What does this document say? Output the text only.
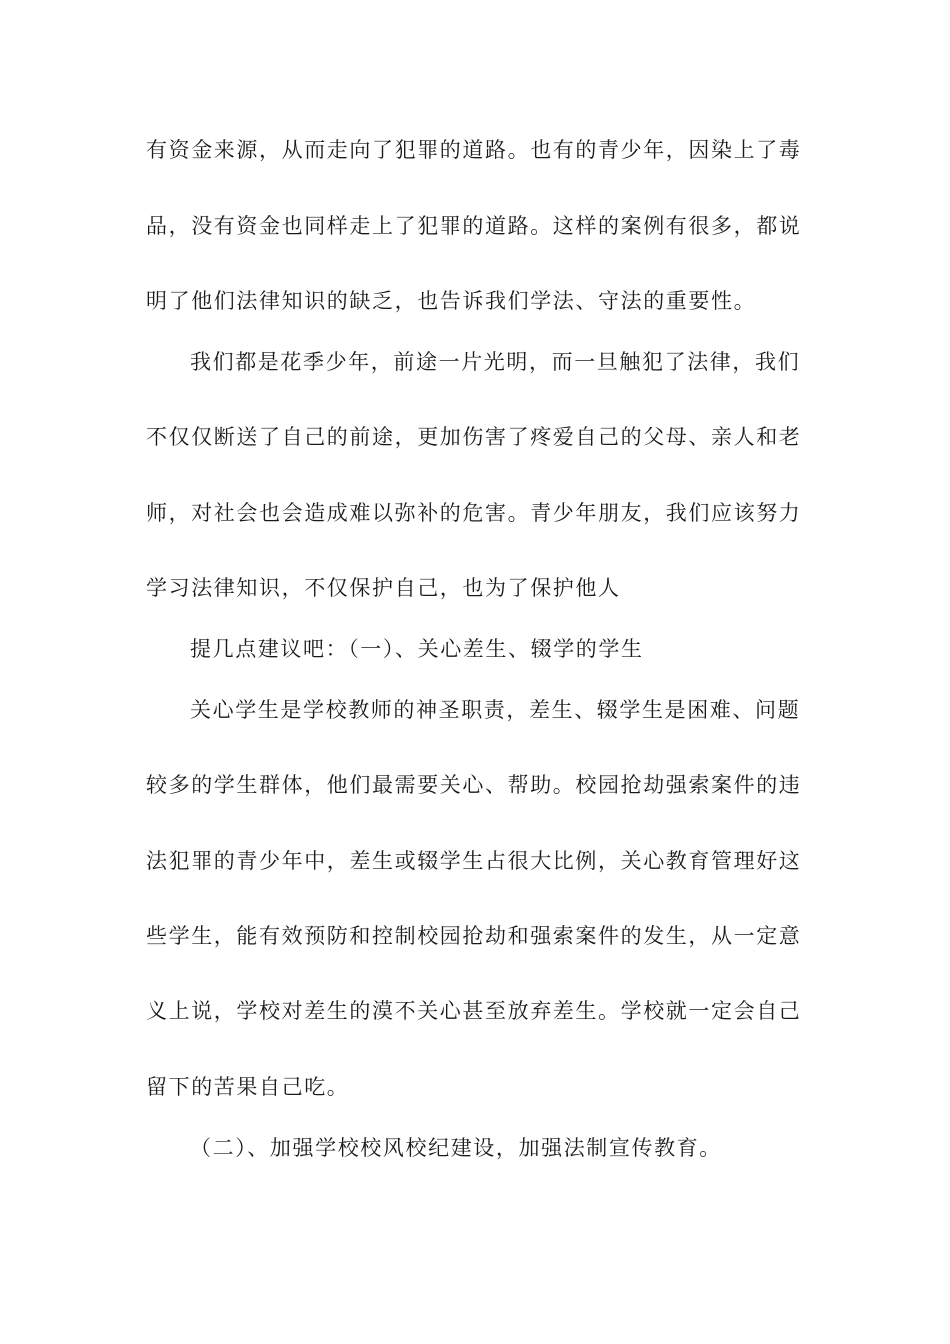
有资金来源，从而走向了犯罪的道路。也有的青少年，因染上了毒
品，没有资金也同样走上了犯罪的道路。这样的案例有很多，都说
明了他们法律知识的缺乏，也告诉我们学法、守法的重要性。
我们都是花季少年，前途一片光明，而一旦触犯了法律，我们
不仅仅断送了自己的前途，更加伤害了疼爱自己的父母、亲人和老
师，对社会也会造成难以弥补的危害。青少年朋友，我们应该努力
学习法律知识，不仅保护自己，也为了保护他人
提几点建议吧：（一）、关心差生、辍学的学生
关心学生是学校教师的神圣职责，差生、辍学生是困难、问题
较多的学生群体，他们最需要关心、帮助。校园抢劫强索案件的违
法犯罪的青少年中，差生或辍学生占很大比例，关心教育管理好这
些学生，能有效预防和控制校园抢劫和强索案件的发生，从一定意
义上说，学校对差生的漠不关心甚至放弃差生。学校就一定会自己
留下的苦果自己吃。
（二）、加强学校校风校纪建设，加强法制宣传教育。
